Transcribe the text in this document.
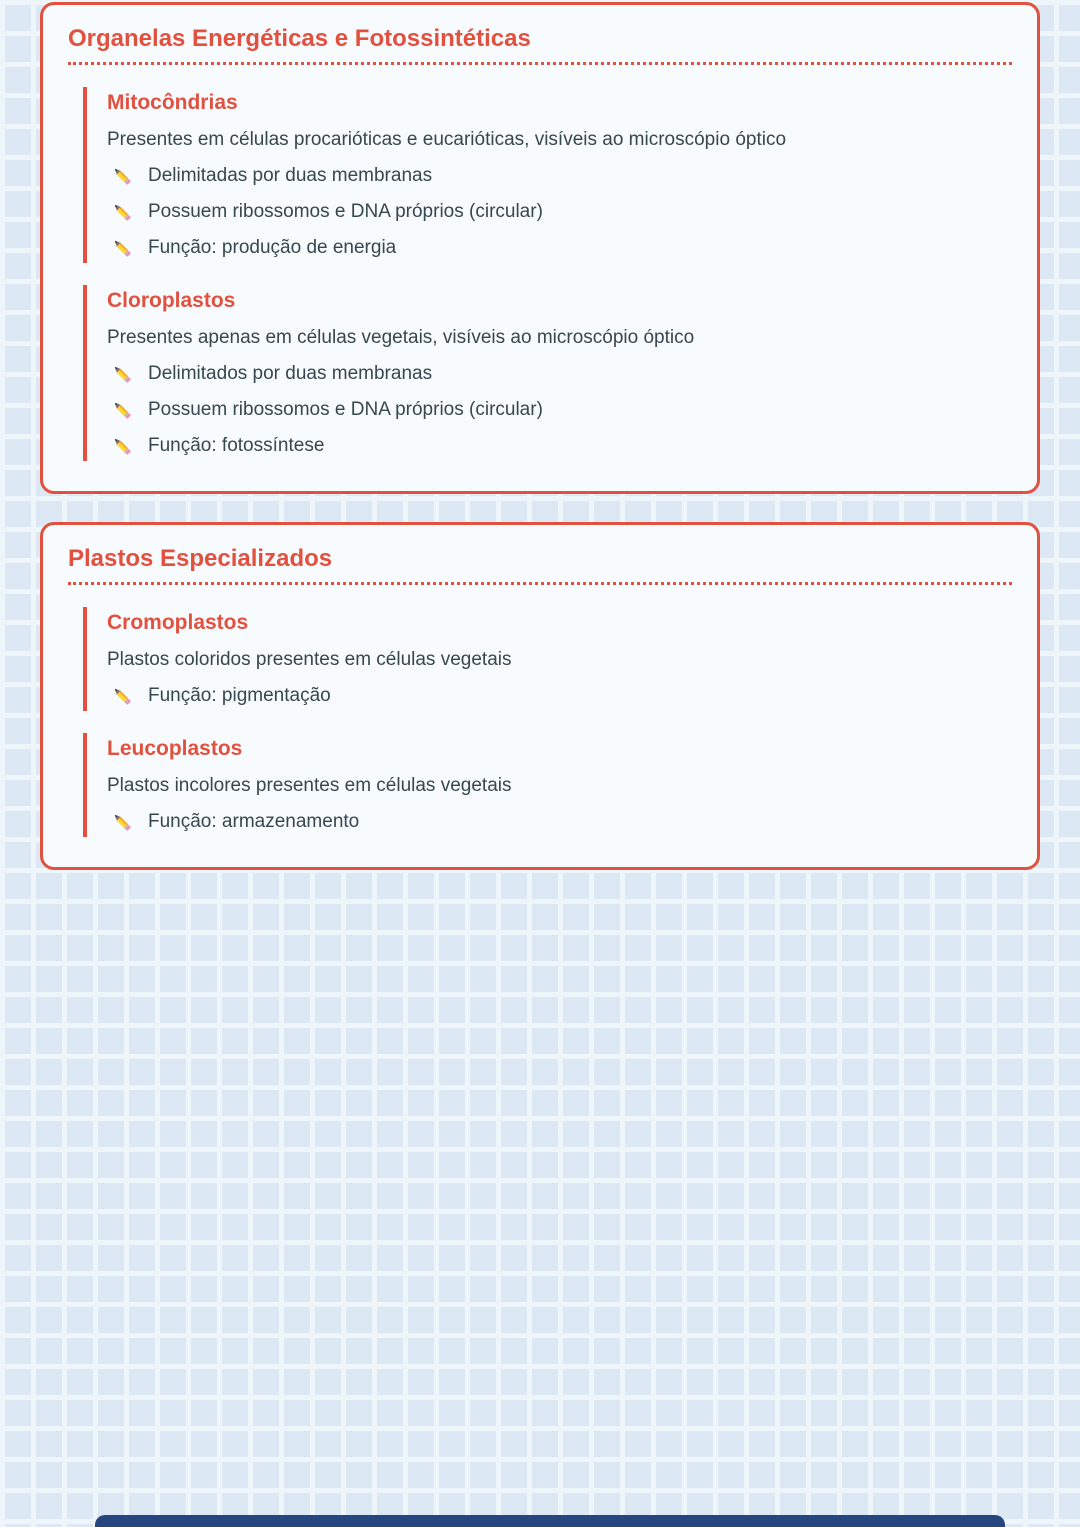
Organelas Energéticas e Fotossintéticas
Mitocôndrias

Presentes em células procarióticas e eucarióticas, visíveis ao microscópio óptico

Delimitadas por duas membranas
Possuem ribossomos e DNA próprios (circular)
Função: produção de energia
Cloroplastos

Presentes apenas em células vegetais, visíveis ao microscópio óptico

Delimitados por duas membranas
Possuem ribossomos e DNA próprios (circular)
Função: fotossíntese
Plastos Especializados
Cromoplastos

Plastos coloridos presentes em células vegetais

Função: pigmentação
Leucoplastos

Plastos incolores presentes em células vegetais

Função: armazenamento
